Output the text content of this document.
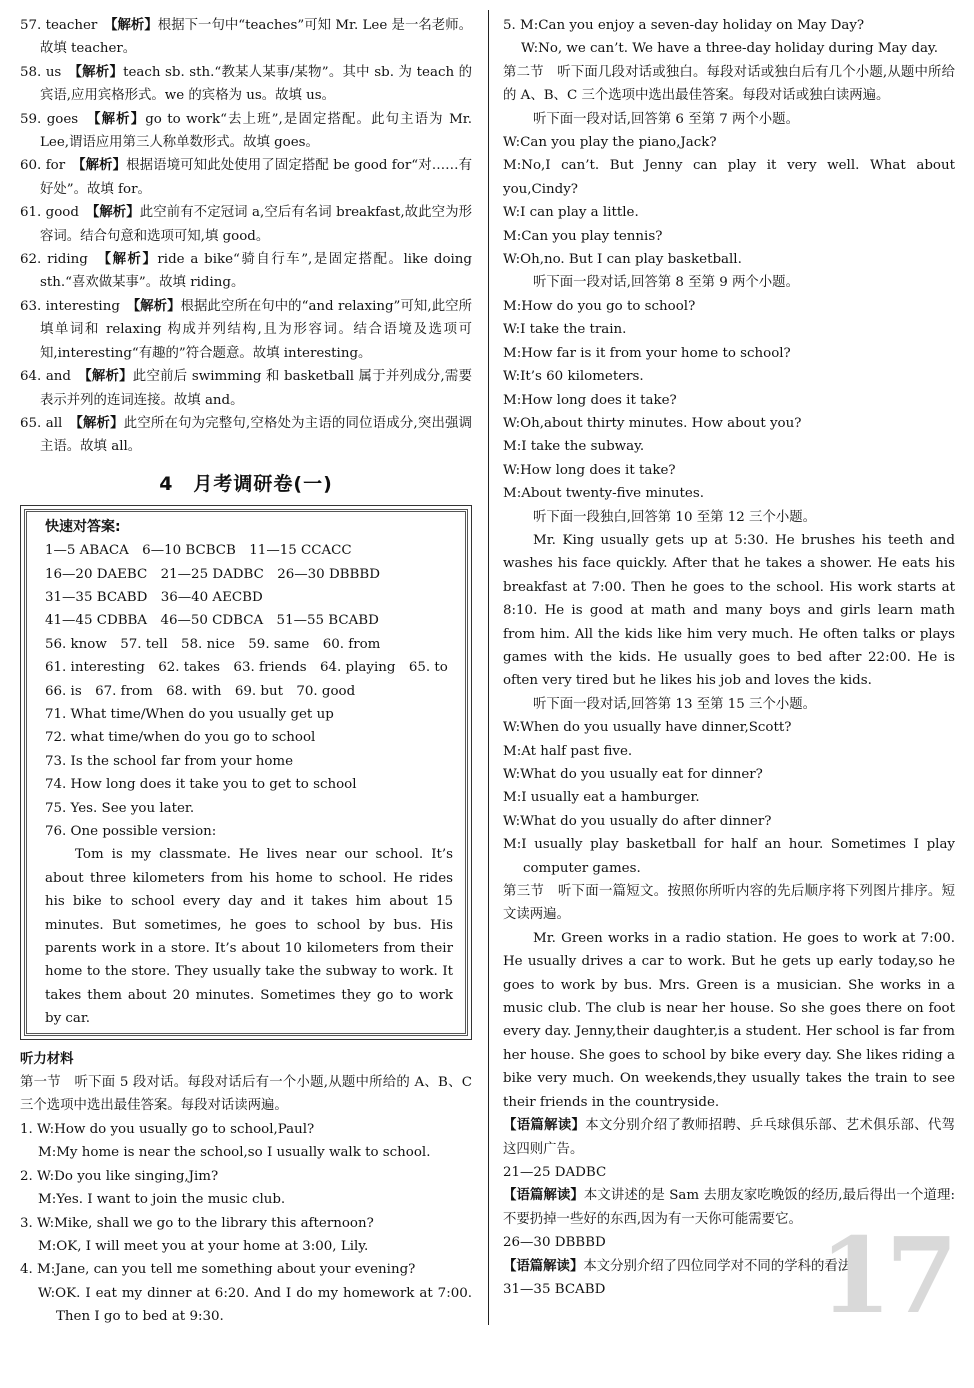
57. teacher　 【解析】根据下一句中“teaches”可知 Mr. Lee 是一名老师。故填 teacher。

58. us　 【解析】teach sb. sth.“教某人某事/某物”。其中 sb. 为 teach 的宾语,应用宾格形式。we 的宾格为 us。故填 us。

59. goes　 【解析】go to work“去上班”,是固定搭配。此句主语为 Mr. Lee,谓语应用第三人称单数形式。故填 goes。

60. for　 【解析】根据语境可知此处使用了固定搭配 be good for“对……有好处”。故填 for。

61. good　 【解析】此空前有不定冠词 a,空后有名词 breakfast,故此空为形容词。结合句意和选项可知,填 good。

62. riding　 【解析】ride a bike“骑自行车”,是固定搭配。like doing sth.“喜欢做某事”。故填 riding。

63. interesting　 【解析】根据此空所在句中的“and relaxing”可知,此空所填单词和 relaxing 构成并列结构,且为形容词。结合语境及选项可知,interesting“有趣的”符合题意。故填 interesting。

64. and　 【解析】此空前后 swimming 和 basketball 属于并列成分,需要表示并列的连词连接。故填 and。

65. all　 【解析】此空所在句为完整句,空格处为主语的同位语成分,突出强调主语。故填 all。

4　月考调研卷(一)
快速对答案:
1—5 ABACA　6—10 BCBCB　11—15 CCACC
16—20 DAEBC　21—25 DADBC　26—30 DBBBD
31—35 BCABD　36—40 AECBD
41—45 CDBBA　46—50 CDBCA　51—55 BCABD
56. know　57. tell　58. nice　59. same　60. from
61. interesting　62. takes　63. friends　64. playing　65. to
66. is　67. from　68. with　69. but　70. good
71. What time/When do you usually get up
72. what time/when do you go to school
73. Is the school far from your home
74. How long does it take you to get to school
75. Yes. See you later.
76. One possible version:

Tom is my classmate. He lives near our school. It’s about three kilometers from his home to school. He rides his bike to school every day and it takes him about 15 minutes. But sometimes, he goes to school by bus. His parents work in a store. It’s about 10 kilometers from their home to the store. They usually take the subway to work. It takes them about 20 minutes. Sometimes they go to work by car.

听力材料

第一节　听下面 5 段对话。每段对话后有一个小题,从题中所给的 A、B、C 三个选项中选出最佳答案。每段对话读两遍。

1. W:How do you usually go to school,Paul?

M:My home is near the school,so I usually walk to school.

2. W:Do you like singing,Jim?

M:Yes. I want to join the music club.

3. W:Mike, shall we go to the library this afternoon?

M:OK, I will meet you at your home at 3:00, Lily.

4. M:Jane, can you tell me something about your evening?

W:OK. I eat my dinner at 6:20. And I do my homework at 7:00. Then I go to bed at 9:30.

5. M:Can you enjoy a seven-day holiday on May Day?

W:No, we can’t. We have a three-day holiday during May day.

第二节　听下面几段对话或独白。每段对话或独白后有几个小题,从题中所给的 A、B、C 三个选项中选出最佳答案。每段对话或独白读两遍。

听下面一段对话,回答第 6 至第 7 两个小题。

W:Can you play the piano,Jack?

M:No,I can’t. But Jenny can play it very well. What about you,Cindy?

W:I can play a little.

M:Can you play tennis?

W:Oh,no. But I can play basketball.

听下面一段对话,回答第 8 至第 9 两个小题。

M:How do you go to school?

W:I take the train.

M:How far is it from your home to school?

W:It’s 60 kilometers.

M:How long does it take?

W:Oh,about thirty minutes. How about you?

M:I take the subway.

W:How long does it take?

M:About twenty-five minutes.

听下面一段独白,回答第 10 至第 12 三个小题。

Mr. King usually gets up at 5:30. He brushes his teeth and washes his face quickly. After that he takes a shower. He eats his breakfast at 7:00. Then he goes to the school. His work starts at 8:10. He is good at math and many boys and girls learn math from him. All the kids like him very much. He often talks or plays games with the kids. He usually goes to bed after 22:00. He is often very tired but he likes his job and loves the kids.

听下面一段对话,回答第 13 至第 15 三个小题。

W:When do you usually have dinner,Scott?

M:At half past five.

W:What do you usually eat for dinner?

M:I usually eat a hamburger.

W:What do you usually do after dinner?

M:I usually play basketball for half an hour. Sometimes I play computer games.

第三节　听下面一篇短文。按照你所听内容的先后顺序将下列图片排序。短文读两遍。

Mr. Green works in a radio station. He goes to work at 7:00. He usually drives a car to work. But he gets up early today,so he goes to work by bus. Mrs. Green is a musician. She works in a music club. The club is near her house. So she goes there on foot every day. Jenny,their daughter,is a student. Her school is far from her house. She goes to school by bike every day. She likes riding a bike very much. On weekends,they usually takes the train to see their friends in the countryside.

【语篇解读】本文分别介绍了教师招聘、乒乓球俱乐部、艺术俱乐部、代驾这四则广告。

21—25 DADBC

【语篇解读】本文讲述的是 Sam 去朋友家吃晚饭的经历,最后得出一个道理:不要扔掉一些好的东西,因为有一天你可能需要它。

26—30 DBBBD

【语篇解读】本文分别介绍了四位同学对不同的学科的看法。

31—35 BCABD	17
